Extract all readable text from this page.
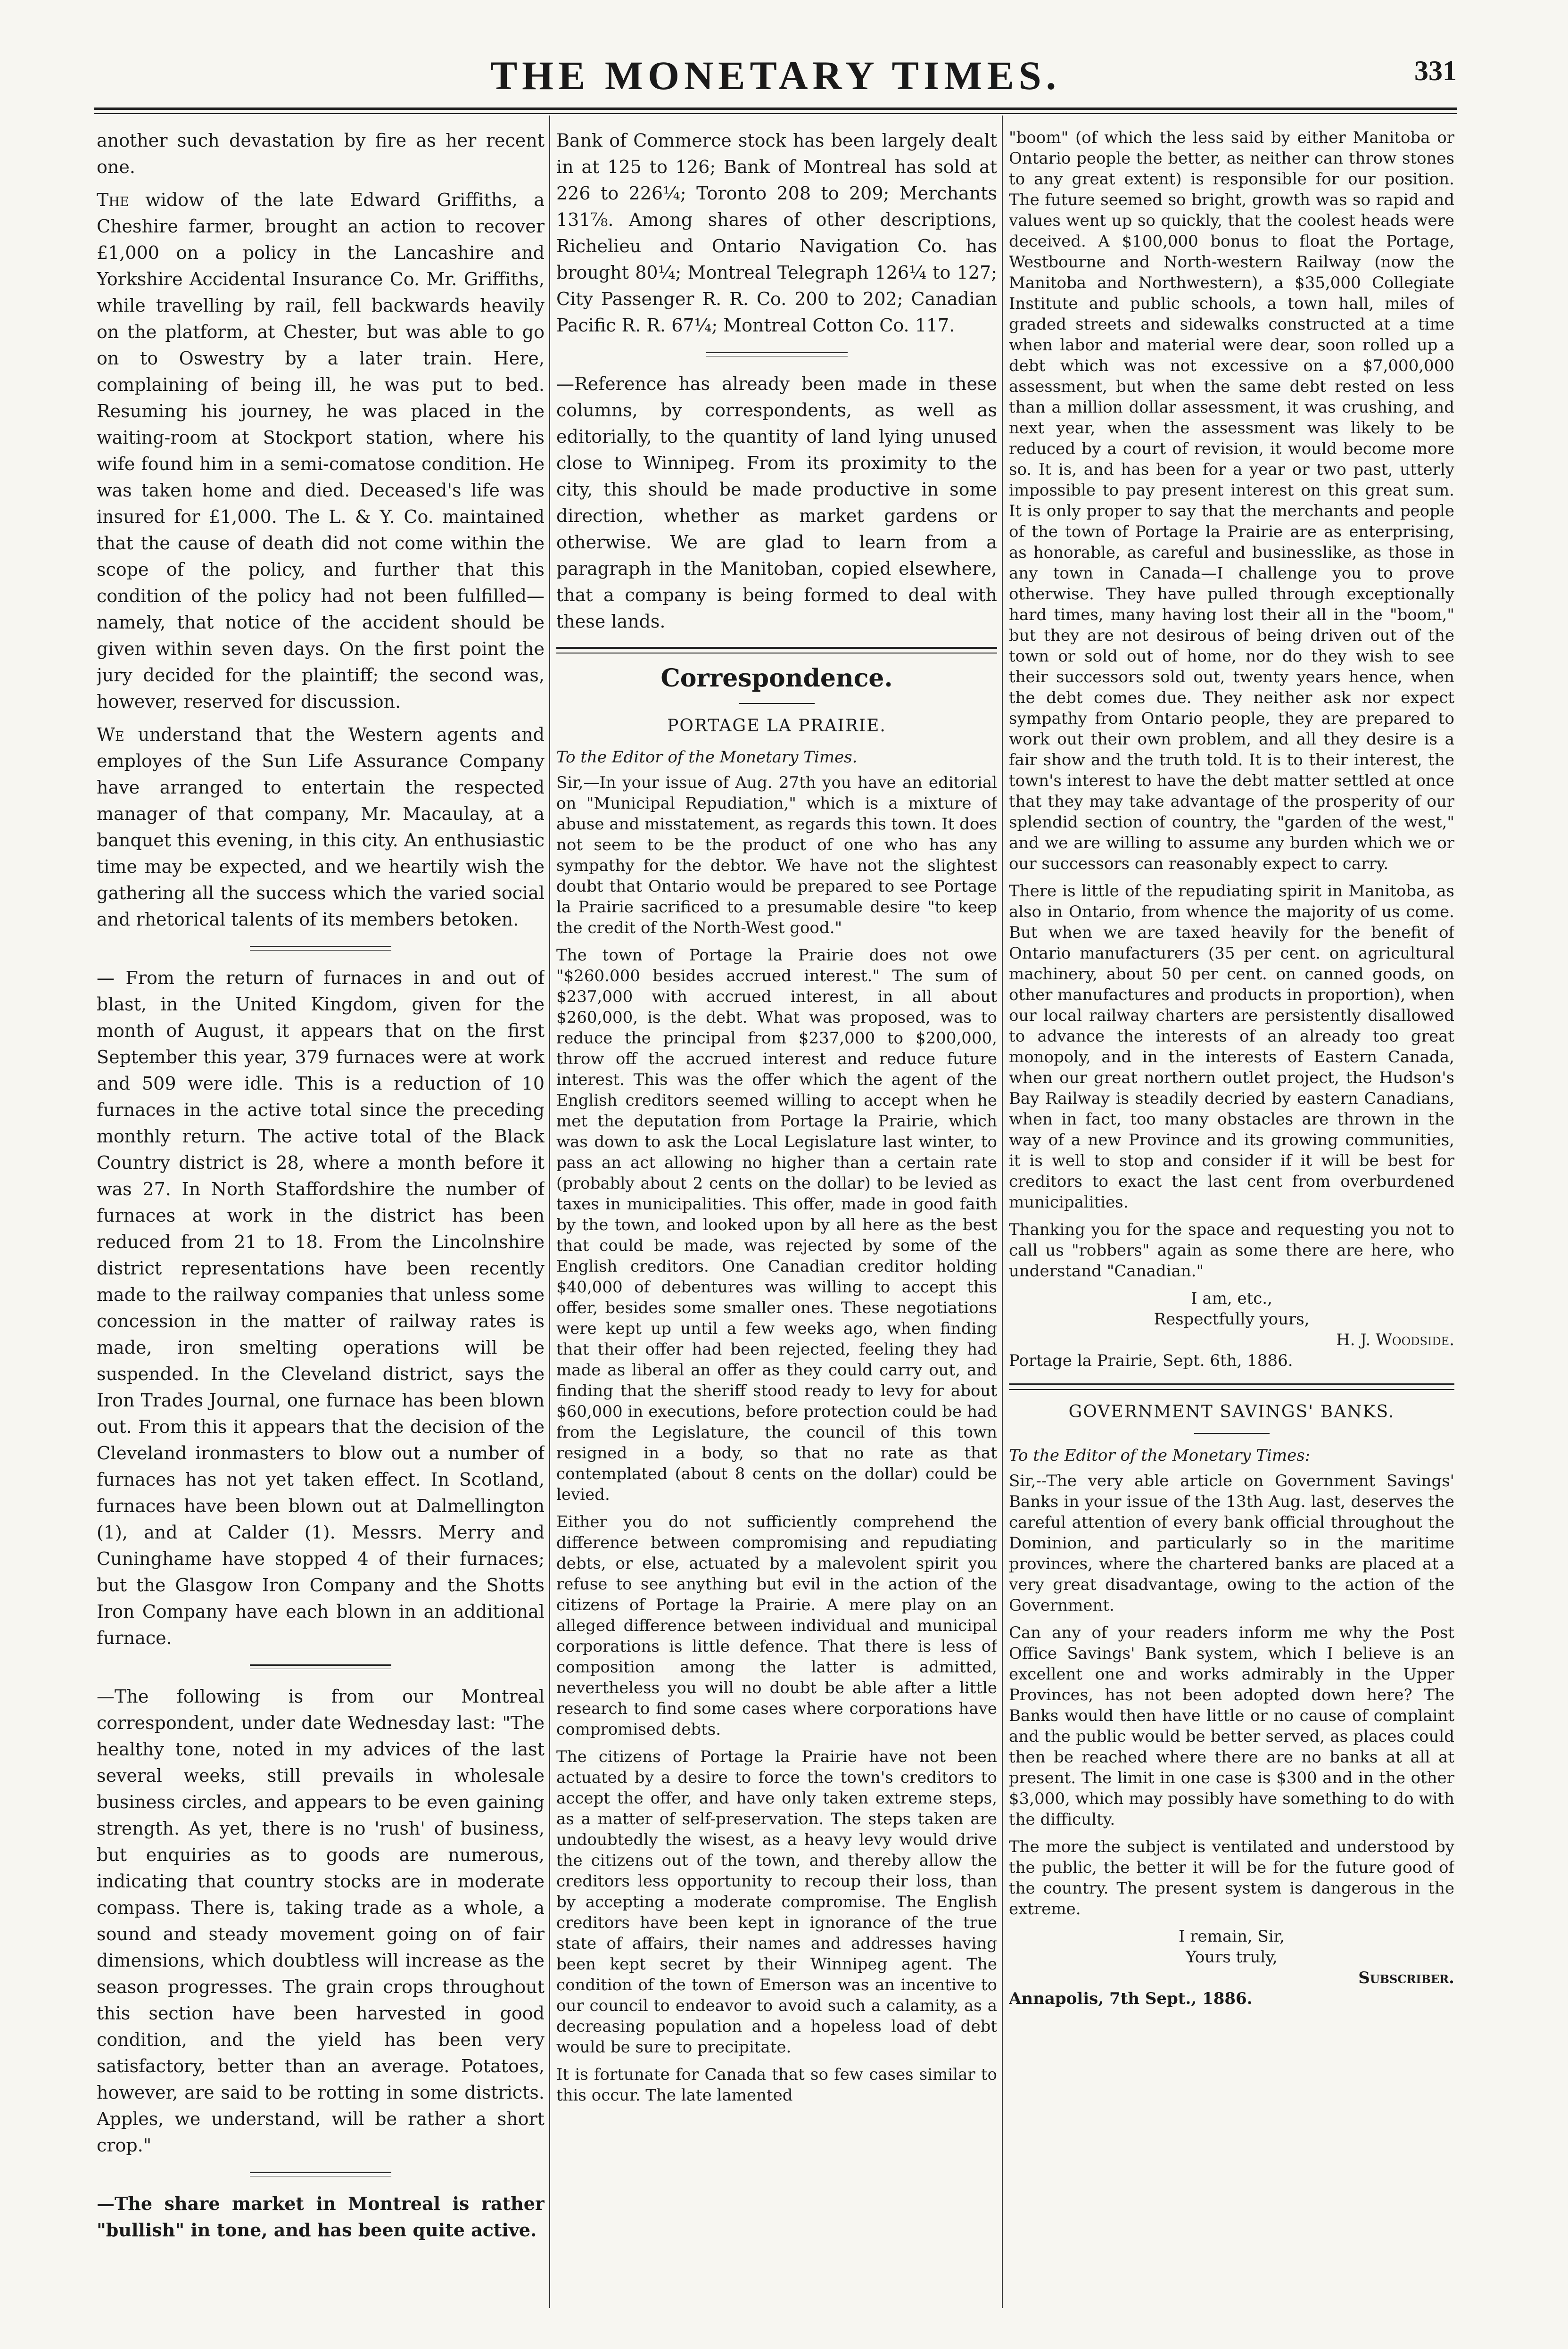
THE MONETARY TIMES.	331

another such devastation by fire as her recent one.

The widow of the late Edward Griffiths, a Cheshire farmer, brought an action to recover £1,000 on a policy in the Lancashire and Yorkshire Accidental Insurance Co. Mr. Griffiths, while travelling by rail, fell backwards heavily on the platform, at Chester, but was able to go on to Oswestry by a later train. Here, complaining of being ill, he was put to bed. Resuming his journey, he was placed in the waiting-room at Stockport station, where his wife found him in a semi-comatose condition. He was taken home and died. Deceased's life was insured for £1,000. The L. & Y. Co. maintained that the cause of death did not come within the scope of the policy, and further that this condition of the policy had not been fulfilled—namely, that notice of the accident should be given within seven days. On the first point the jury decided for the plaintiff; the second was, however, reserved for discussion.

We understand that the Western agents and employes of the Sun Life Assurance Company have arranged to entertain the respected manager of that company, Mr. Macaulay, at a banquet this evening, in this city. An enthusiastic time may be expected, and we heartily wish the gathering all the success which the varied social and rhetorical talents of its members betoken.

— From the return of furnaces in and out of blast, in the United Kingdom, given for the month of August, it appears that on the first September this year, 379 furnaces were at work and 509 were idle. This is a reduction of 10 furnaces in the active total since the preceding monthly return. The active total of the Black Country district is 28, where a month before it was 27. In North Staffordshire the number of furnaces at work in the district has been reduced from 21 to 18. From the Lincolnshire district representations have been recently made to the railway companies that unless some concession in the matter of railway rates is made, iron smelting operations will be suspended. In the Cleveland district, says the Iron Trades Journal, one furnace has been blown out. From this it appears that the decision of the Cleveland ironmasters to blow out a number of furnaces has not yet taken effect. In Scotland, furnaces have been blown out at Dalmellington (1), and at Calder (1). Messrs. Merry and Cuninghame have stopped 4 of their furnaces; but the Glasgow Iron Company and the Shotts Iron Company have each blown in an additional furnace.

—The following is from our Montreal correspondent, under date Wednesday last: "The healthy tone, noted in my advices of the last several weeks, still prevails in wholesale business circles, and appears to be even gaining strength. As yet, there is no 'rush' of business, but enquiries as to goods are numerous, indicating that country stocks are in moderate compass. There is, taking trade as a whole, a sound and steady movement going on of fair dimensions, which doubtless will increase as the season progresses. The grain crops throughout this section have been harvested in good condition, and the yield has been very satisfactory, better than an average. Potatoes, however, are said to be rotting in some districts. Apples, we understand, will be rather a short crop."

—The share market in Montreal is rather "bullish" in tone, and has been quite active.

Bank of Commerce stock has been largely dealt in at 125 to 126; Bank of Montreal has sold at 226 to 226¼; Toronto 208 to 209; Merchants 131⅞. Among shares of other descriptions, Richelieu and Ontario Navigation Co. has brought 80¼; Montreal Telegraph 126¼ to 127; City Passenger R. R. Co. 200 to 202; Canadian Pacific R. R. 67¼; Montreal Cotton Co. 117.

—Reference has already been made in these columns, by correspondents, as well as editorially, to the quantity of land lying unused close to Winnipeg. From its proximity to the city, this should be made productive in some direction, whether as market gardens or otherwise. We are glad to learn from a paragraph in the Manitoban, copied elsewhere, that a company is being formed to deal with these lands.

Correspondence.
PORTAGE LA PRAIRIE.

To the Editor of the Monetary Times.

Sir,—In your issue of Aug. 27th you have an editorial on "Municipal Repudiation," which is a mixture of abuse and misstatement, as regards this town. It does not seem to be the product of one who has any sympathy for the debtor. We have not the slightest doubt that Ontario would be prepared to see Portage la Prairie sacrificed to a presumable desire "to keep the credit of the North-West good."

The town of Portage la Prairie does not owe "$260.000 besides accrued interest." The sum of $237,000 with accrued interest, in all about $260,000, is the debt. What was proposed, was to reduce the principal from $237,000 to $200,000, throw off the accrued interest and reduce future interest. This was the offer which the agent of the English creditors seemed willing to accept when he met the deputation from Portage la Prairie, which was down to ask the Local Legislature last winter, to pass an act allowing no higher than a certain rate (probably about 2 cents on the dollar) to be levied as taxes in municipalities. This offer, made in good faith by the town, and looked upon by all here as the best that could be made, was rejected by some of the English creditors. One Canadian creditor holding $40,000 of debentures was willing to accept this offer, besides some smaller ones. These negotiations were kept up until a few weeks ago, when finding that their offer had been rejected, feeling they had made as liberal an offer as they could carry out, and finding that the sheriff stood ready to levy for about $60,000 in executions, before protection could be had from the Legislature, the council of this town resigned in a body, so that no rate as that contemplated (about 8 cents on the dollar) could be levied.

Either you do not sufficiently comprehend the difference between compromising and repudiating debts, or else, actuated by a malevolent spirit you refuse to see anything but evil in the action of the citizens of Portage la Prairie. A mere play on an alleged difference between individual and municipal corporations is little defence. That there is less of composition among the latter is admitted, nevertheless you will no doubt be able after a little research to find some cases where corporations have compromised debts.

The citizens of Portage la Prairie have not been actuated by a desire to force the town's creditors to accept the offer, and have only taken extreme steps, as a matter of self-preservation. The steps taken are undoubtedly the wisest, as a heavy levy would drive the citizens out of the town, and thereby allow the creditors less opportunity to recoup their loss, than by accepting a moderate compromise. The English creditors have been kept in ignorance of the true state of affairs, their names and addresses having been kept secret by their Winnipeg agent. The condition of the town of Emerson was an incentive to our council to endeavor to avoid such a calamity, as a decreasing population and a hopeless load of debt would be sure to precipitate.

It is fortunate for Canada that so few cases similar to this occur. The late lamented

"boom" (of which the less said by either Manitoba or Ontario people the better, as neither can throw stones to any great extent) is responsible for our position. The future seemed so bright, growth was so rapid and values went up so quickly, that the coolest heads were deceived. A $100,000 bonus to float the Portage, Westbourne and North-western Railway (now the Manitoba and Northwestern), a $35,000 Collegiate Institute and public schools, a town hall, miles of graded streets and sidewalks constructed at a time when labor and material were dear, soon rolled up a debt which was not excessive on a $7,000,000 assessment, but when the same debt rested on less than a million dollar assessment, it was crushing, and next year, when the assessment was likely to be reduced by a court of revision, it would become more so. It is, and has been for a year or two past, utterly impossible to pay present interest on this great sum. It is only proper to say that the merchants and people of the town of Portage la Prairie are as enterprising, as honorable, as careful and businesslike, as those in any town in Canada—I challenge you to prove otherwise. They have pulled through exceptionally hard times, many having lost their all in the "boom," but they are not desirous of being driven out of the town or sold out of home, nor do they wish to see their successors sold out, twenty years hence, when the debt comes due. They neither ask nor expect sympathy from Ontario people, they are prepared to work out their own problem, and all they desire is a fair show and the truth told. It is to their interest, the town's interest to have the debt matter settled at once that they may take advantage of the prosperity of our splendid section of country, the "garden of the west," and we are willing to assume any burden which we or our successors can reasonably expect to carry.

There is little of the repudiating spirit in Manitoba, as also in Ontario, from whence the majority of us come. But when we are taxed heavily for the benefit of Ontario manufacturers (35 per cent. on agricultural machinery, about 50 per cent. on canned goods, on other manufactures and products in proportion), when our local railway charters are persistently disallowed to advance the interests of an already too great monopoly, and in the interests of Eastern Canada, when our great northern outlet project, the Hudson's Bay Railway is steadily decried by eastern Canadians, when in fact, too many obstacles are thrown in the way of a new Province and its growing communities, it is well to stop and consider if it will be best for creditors to exact the last cent from overburdened municipalities.

Thanking you for the space and requesting you not to call us "robbers" again as some there are here, who understand "Canadian."

I am, etc.,

Respectfully yours,

H. J. Woodside.

Portage la Prairie, Sept. 6th, 1886.

GOVERNMENT SAVINGS' BANKS.

To the Editor of the Monetary Times:

Sir,--The very able article on Government Savings' Banks in your issue of the 13th Aug. last, deserves the careful attention of every bank official throughout the Dominion, and particularly so in the maritime provinces, where the chartered banks are placed at a very great disadvantage, owing to the action of the Government.

Can any of your readers inform me why the Post Office Savings' Bank system, which I believe is an excellent one and works admirably in the Upper Provinces, has not been adopted down here? The Banks would then have little or no cause of complaint and the public would be better served, as places could then be reached where there are no banks at all at present. The limit in one case is $300 and in the other $3,000, which may possibly have something to do with the difficulty.

The more the subject is ventilated and understood by the public, the better it will be for the future good of the country. The present system is dangerous in the extreme.

I remain, Sir,

Yours truly,

Subscriber.

Annapolis, 7th Sept., 1886.
